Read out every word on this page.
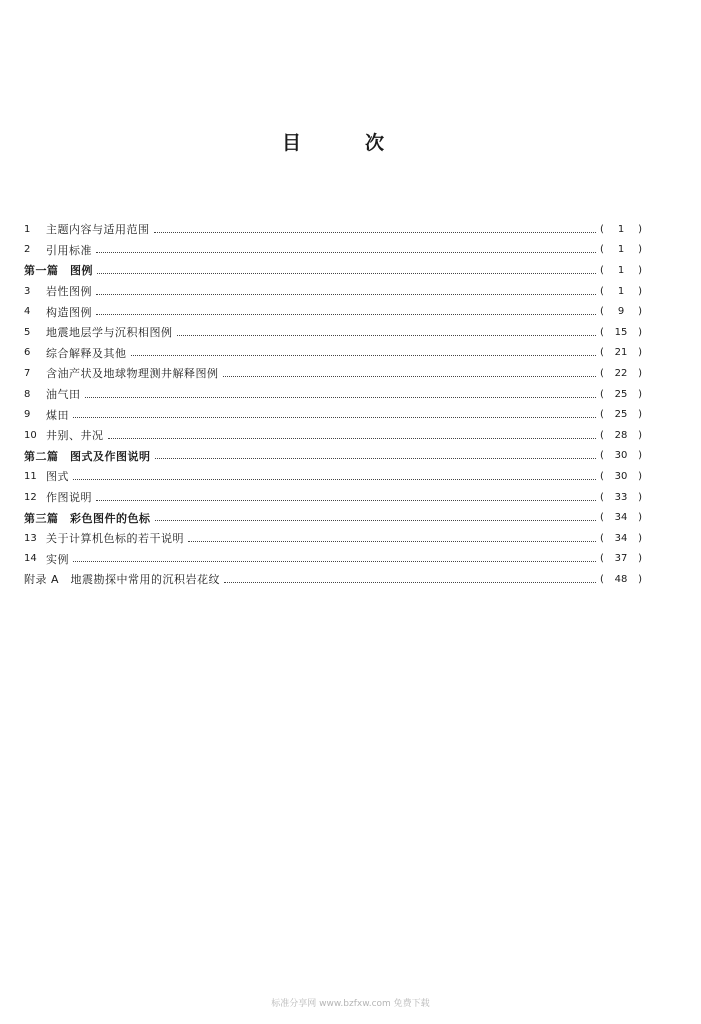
目	次
1	主题内容与适用范围	(	1	)
2	引用标准	(	1	)
第一篇　图例	(	1	)
3	岩性图例	(	1	)
4	构造图例	(	9	)
5	地震地层学与沉积相图例	(	15	)
6	综合解释及其他	(	21	)
7	含油产状及地球物理测井解释图例	(	22	)
8	油气田	(	25	)
9	煤田	(	25	)
10 井别、井况	(	28	)
第二篇　图式及作图说明	(	30	)
11 图式	(	30	)
12 作图说明	(	33	)
第三篇　彩色图件的色标	(	34	)
13 关于计算机色标的若干说明	(	34	)
14 实例	(	37	)
附录 A　地震勘探中常用的沉积岩花纹	(	48	)
标准分享网 www.bzfxw.com 免费下载
